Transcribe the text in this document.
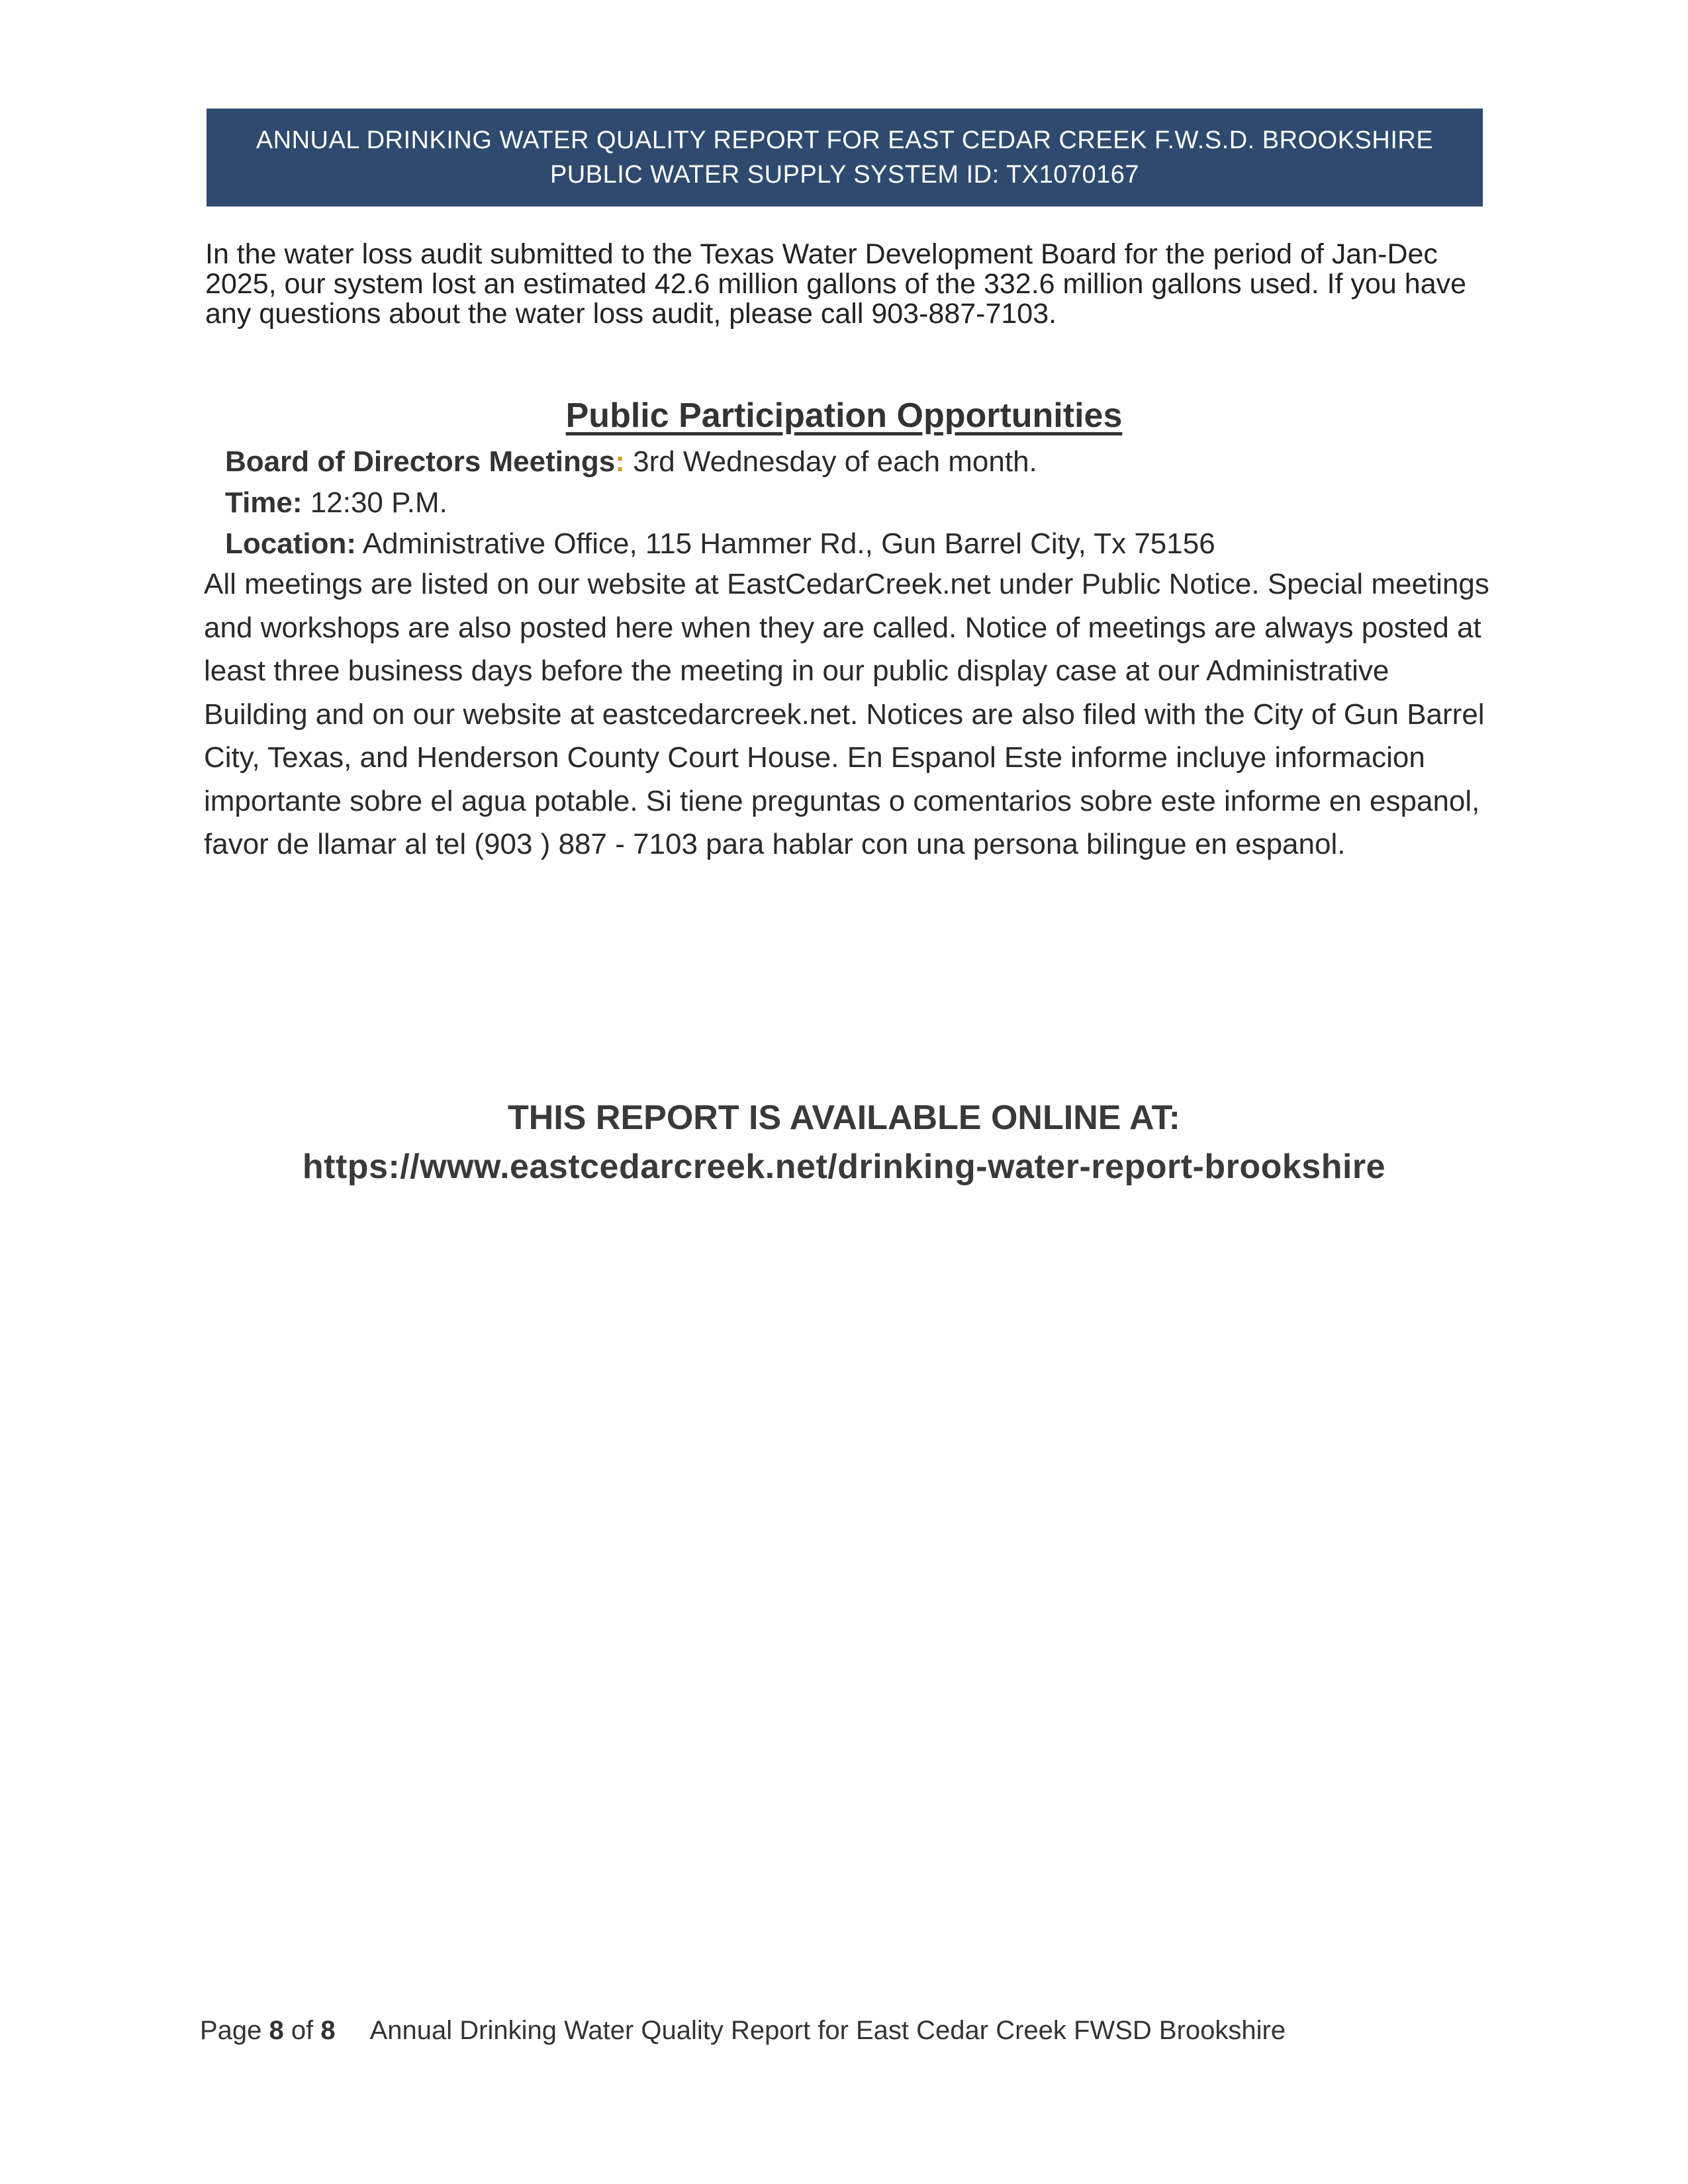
ANNUAL DRINKING WATER QUALITY REPORT FOR EAST CEDAR CREEK F.W.S.D. BROOKSHIRE
PUBLIC WATER SUPPLY SYSTEM ID: TX1070167
In the water loss audit submitted to the Texas Water Development Board for the period of Jan-Dec 2025, our system lost an estimated 42.6 million gallons of the 332.6 million gallons used. If you have any questions about the water loss audit, please call 903-887-7103.
Public Participation Opportunities
Board of Directors Meetings: 3rd Wednesday of each month.
Time: 12:30 P.M.
Location: Administrative Office, 115 Hammer Rd., Gun Barrel City, Tx 75156
All meetings are listed on our website at EastCedarCreek.net under Public Notice. Special meetings and workshops are also posted here when they are called. Notice of meetings are always posted at least three business days before the meeting in our public display case at our Administrative Building and on our website at eastcedarcreek.net. Notices are also filed with the City of Gun Barrel City, Texas, and Henderson County Court House. En Espanol Este informe incluye informacion importante sobre el agua potable. Si tiene preguntas o comentarios sobre este informe en espanol, favor de llamar al tel (903 ) 887 - 7103 para hablar con una persona bilingue en espanol.
THIS REPORT IS AVAILABLE ONLINE AT:
https://www.eastcedarcreek.net/drinking-water-report-brookshire
Page 8 of 8 Annual Drinking Water Quality Report for East Cedar Creek FWSD Brookshire
